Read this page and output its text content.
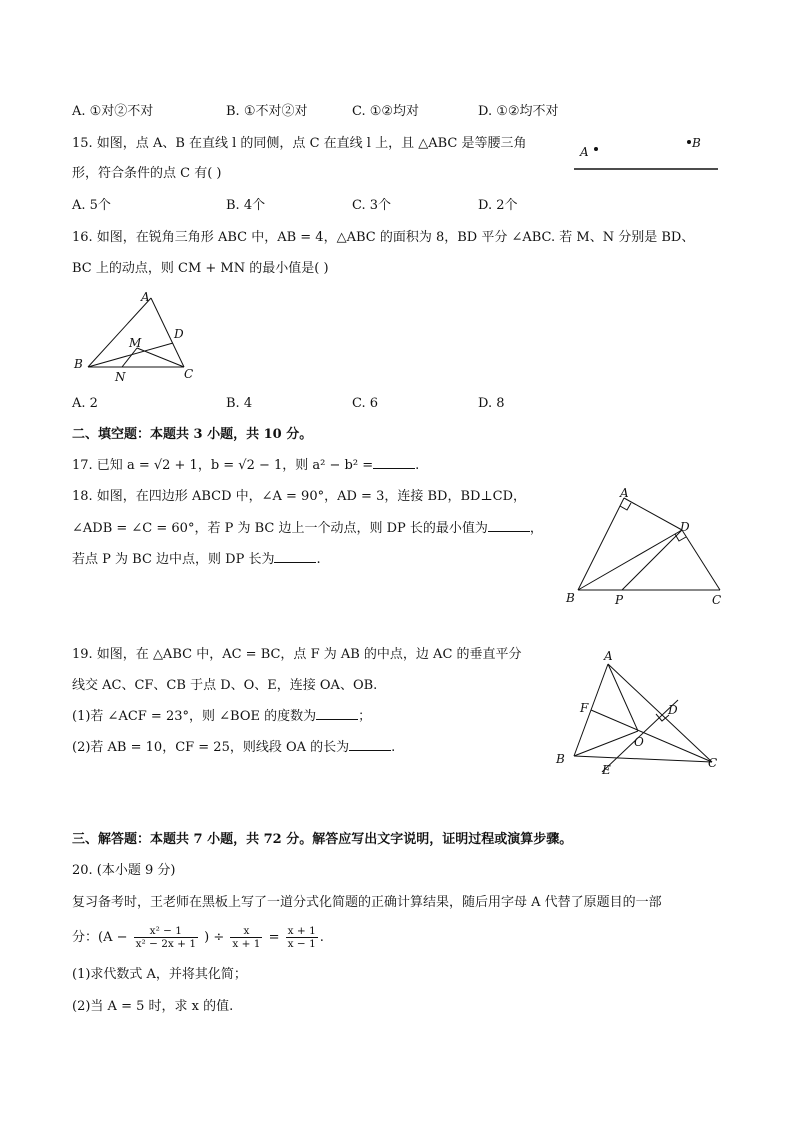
A. ①对②不对	B. ①不对②对	C. ①②均对	D. ①②均不对
15. 如图，点 A、B 在直线 l 的同侧，点 C 在直线 l 上，且 △ABC 是等腰三角
形，符合条件的点 C 有( )
A
B
A. 5个	B. 4个	C. 3个	D. 2个
16. 如图，在锐角三角形 ABC 中，AB = 4，△ABC 的面积为 8，BD 平分 ∠ABC. 若 M、N 分别是 BD、
BC 上的动点，则 CM + MN 的最小值是( )
A
B
C
D
M
N
A. 2	B. 4	C. 6	D. 8
二、填空题：本题共 3 小题，共 10 分。
17. 已知 a = √2 + 1，b = √2 − 1，则 a² − b² =	.
18. 如图，在四边形 ABCD 中，∠A = 90°，AD = 3，连接 BD，BD⊥CD，
∠ADB = ∠C = 60°，若 P 为 BC 边上一个动点，则 DP 长的最小值为	，
若点 P 为 BC 边中点，则 DP 长为	.
A
B	C
D
P
19. 如图，在 △ABC 中，AC = BC，点 F 为 AB 的中点，边 AC 的垂直平分
线交 AC、CF、CB 于点 D、O、E，连接 OA、OB.
(1)若 ∠ACF = 23°，则 ∠BOE 的度数为	；
(2)若 AB = 10，CF = 25，则线段 OA 的长为	.
A
B	C
D
E
F
O
三、解答题：本题共 7 小题，共 72 分。解答应写出文字说明，证明过程或演算步骤。
20. (本小题 9 分)
复习备考时，王老师在黑板上写了一道分式化简题的正确计算结果，随后用字母 A 代替了原题目的一部
分：($A - \frac{\text{x² − 1}}{\text{x² − 2x + 1}}$ ) ÷ $\frac{x}{x + 1} = \frac{x + 1}{x - 1}$ .
(1)求代数式 A，并将其化简；
(2)当 A = 5 时，求 x 的值.
